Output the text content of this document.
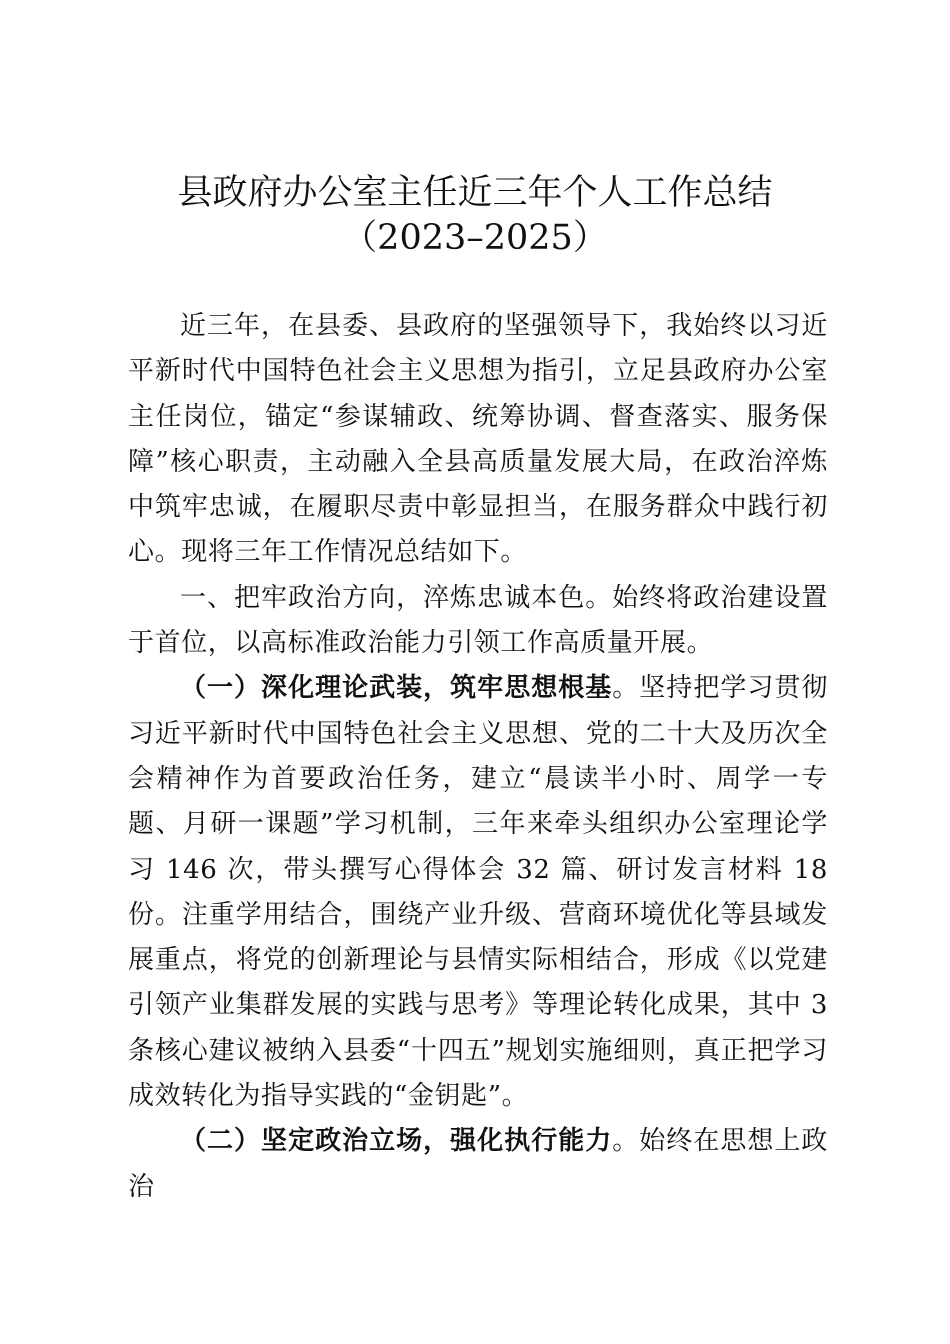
县政府办公室主任近三年个人工作总结
（2023–2025）

近三年，在县委、县政府的坚强领导下，我始终以习近平新时代中国特色社会主义思想为指引，立足县政府办公室主任岗位，锚定“参谋辅政、统筹协调、督查落实、服务保障”核心职责，主动融入全县高质量发展大局，在政治淬炼中筑牢忠诚，在履职尽责中彰显担当，在服务群众中践行初心。现将三年工作情况总结如下。

一、把牢政治方向，淬炼忠诚本色。始终将政治建设置于首位，以高标准政治能力引领工作高质量开展。

（一）深化理论武装，筑牢思想根基。坚持把学习贯彻习近平新时代中国特色社会主义思想、党的二十大及历次全会精神作为首要政治任务，建立“晨读半小时、周学一专题、月研一课题”学习机制，三年来牵头组织办公室理论学习 146 次，带头撰写心得体会 32 篇、研讨发言材料 18 份。注重学用结合，围绕产业升级、营商环境优化等县域发展重点，将党的创新理论与县情实际相结合，形成《以党建引领产业集群发展的实践与思考》等理论转化成果，其中 3 条核心建议被纳入县委“十四五”规划实施细则，真正把学习成效转化为指导实践的“金钥匙”。

（二）坚定政治立场，强化执行能力。始终在思想上政治
